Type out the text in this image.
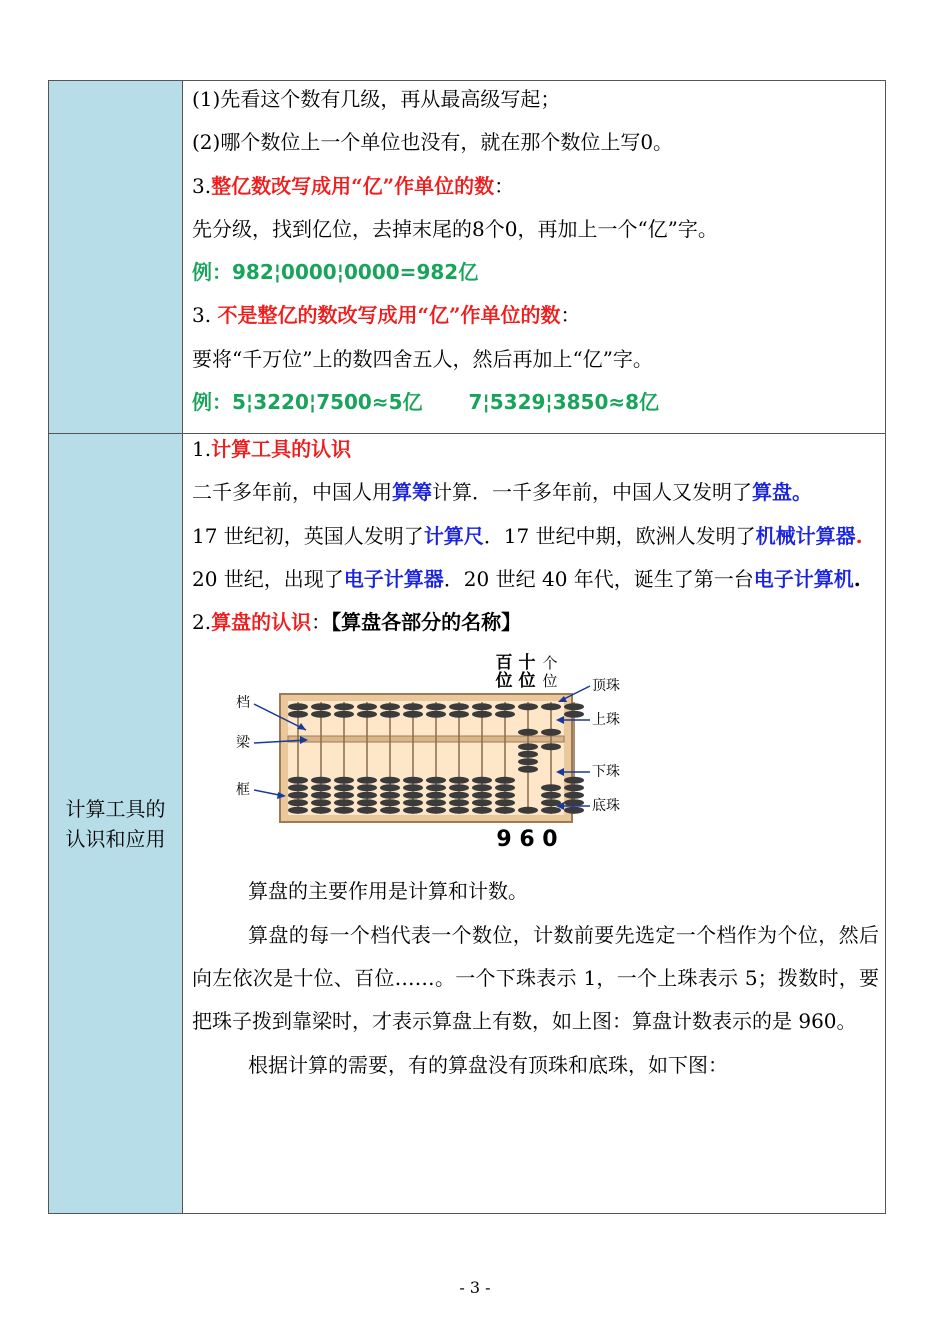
(1)先看这个数有几级，再从最高级写起；
(2)哪个数位上一个单位也没有，就在那个数位上写0。
3.整亿数改写成用“亿”作单位的数：
先分级，找到亿位，去掉末尾的8个0，再加上一个“亿”字。
例：982¦0000¦0000=982亿
3. 不是整亿的数改写成用“亿”作单位的数：
要将“千万位”上的数四舍五人，然后再加上“亿”字。
例：5¦3220¦7500≈5亿 7¦5329¦3850≈8亿
计算工具的
认识和应用
1.计算工具的认识
二千多年前，中国人用算筹计算．一千多年前，中国人又发明了算盘。
17 世纪初，英国人发明了计算尺．17 世纪中期，欧洲人发明了机械计算器.
20 世纪，出现了电子计算器．20 世纪 40 年代，诞生了第一台电子计算机.
2.算盘的认识：【算盘各部分的名称】
百 十 个
位 位 位
档
梁
框
顶珠
上珠
下珠
底珠
9 6 0
算盘的主要作用是计算和计数。
算盘的每一个档代表一个数位，计数前要先选定一个档作为个位，然后向左依次是十位、百位……。一个下珠表示 1，一个上珠表示 5；拨数时，要把珠子拨到靠梁时，才表示算盘上有数，如上图：算盘计数表示的是 960。
根据计算的需要，有的算盘没有顶珠和底珠，如下图：
- 3 -
